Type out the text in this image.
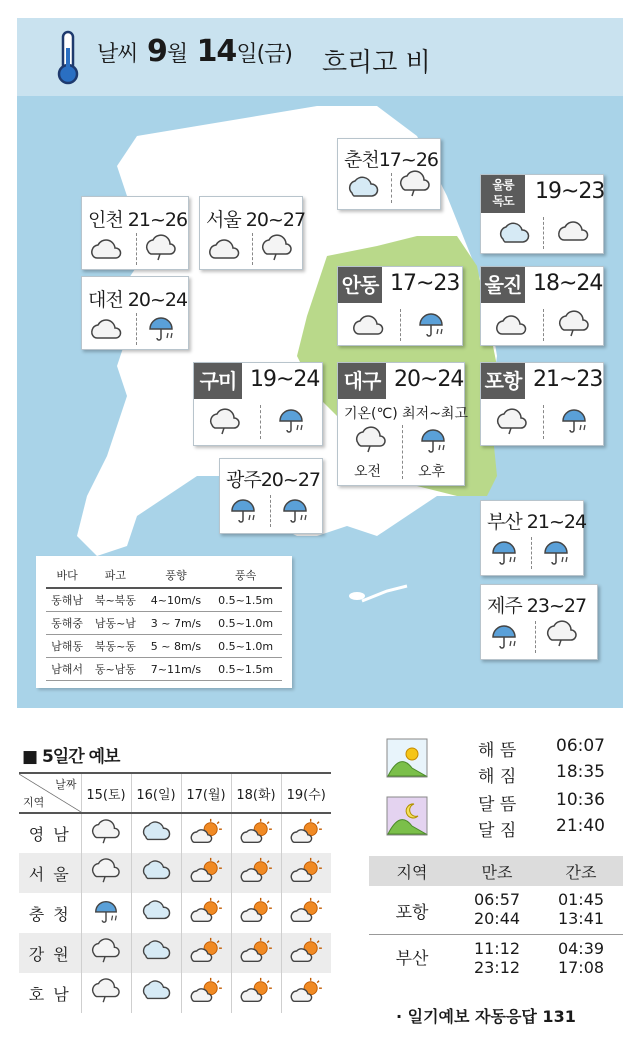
날씨 9월 14일(금) 흐리고 비
춘천17~26
인천 21~26 서울 20~27
울릉
독도 19~23
대전 20~24
안동 17~23 울진 18~24
구미 19~24 대구 20~24
기온(℃) 최저~최고
오전	오후
포항 21~23
광주20~27
부산 21~24
제주 23~27
바다	파고	풍향	풍속
동해남	북~북동	4~10m/s	0.5~1.5m
동해중	남동~남	3 ~ 7m/s	0.5~1.0m
남해동	북동~동	5 ~ 8m/s	0.5~1.0m
남해서	동~남동	7~11m/s	0.5~1.5m
■ 5일간 예보
날짜
지역	15(토)	16(일)	17(월)	18(화)	19(수)
영 남					
서 울					
충 청					
강 원					
호 남					
해 뜸 06:07
해 짐 18:35
달 뜸 10:36
달 짐 21:40
지역	만조	간조
포항	06:57	01:45
	20:44	13:41
부산	11:12	04:39
	23:12	17:08
· 일기예보 자동응답 131
